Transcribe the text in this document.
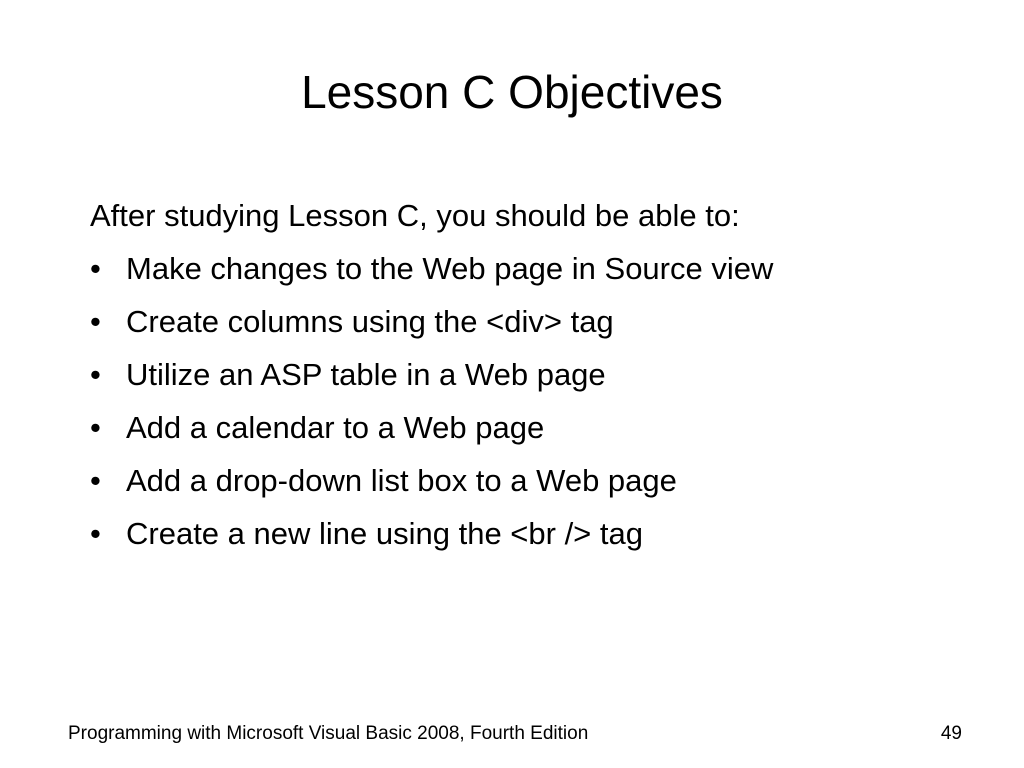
Lesson C Objectives

After studying Lesson C, you should be able to:

• Make changes to the Web page in Source view
• Create columns using the <div> tag
• Utilize an ASP table in a Web page
• Add a calendar to a Web page
• Add a drop-down list box to a Web page
• Create a new line using the <br /> tag
Programming with Microsoft Visual Basic 2008, Fourth Edition	49
